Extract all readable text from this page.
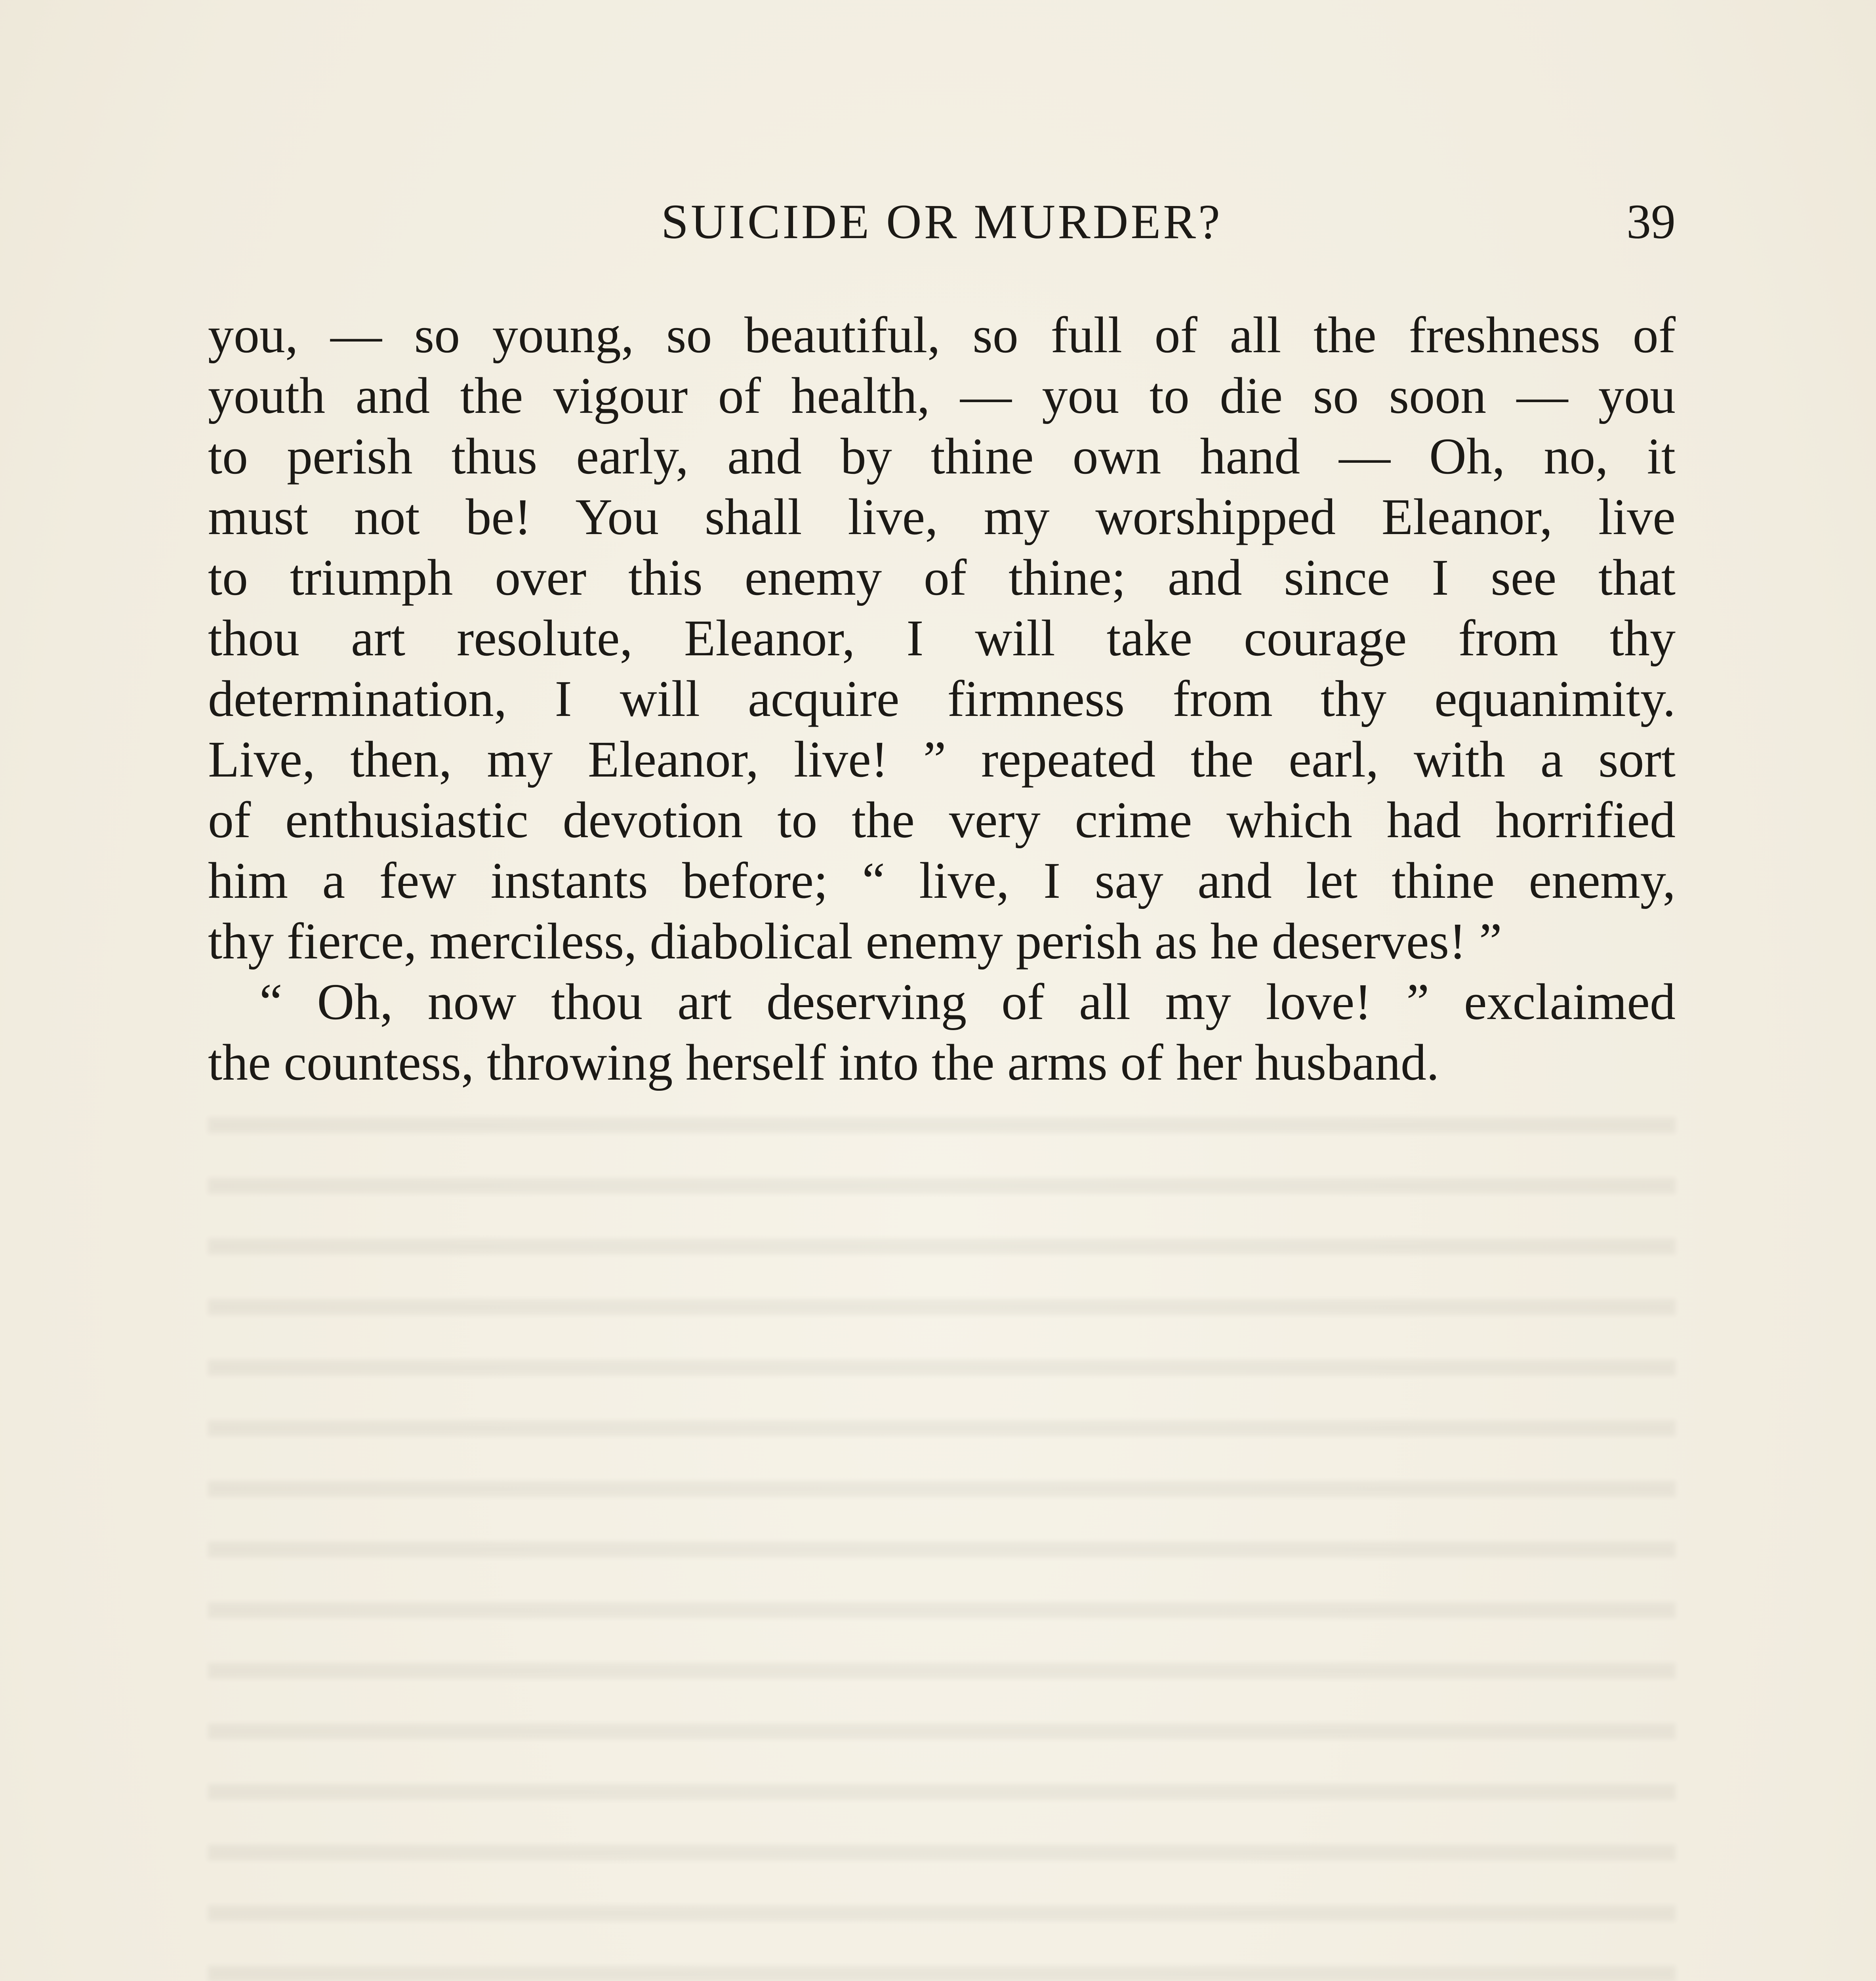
SUICIDE OR MURDER?	39
you, — so young, so beautiful, so full of all the freshness of
youth and the vigour of health, — you to die so soon — you
to perish thus early, and by thine own hand — Oh, no, it
must not be! You shall live, my worshipped Eleanor, live
to triumph over this enemy of thine; and since I see that
thou art resolute, Eleanor, I will take courage from thy
determination, I will acquire firmness from thy equanimity.
Live, then, my Eleanor, live! ” repeated the earl, with a sort
of enthusiastic devotion to the very crime which had horrified
him a few instants before; “ live, I say and let thine enemy,
thy fierce, merciless, diabolical enemy perish as he deserves! ”
“ Oh, now thou art deserving of all my love! ” exclaimed
the countess, throwing herself into the arms of her husband.
